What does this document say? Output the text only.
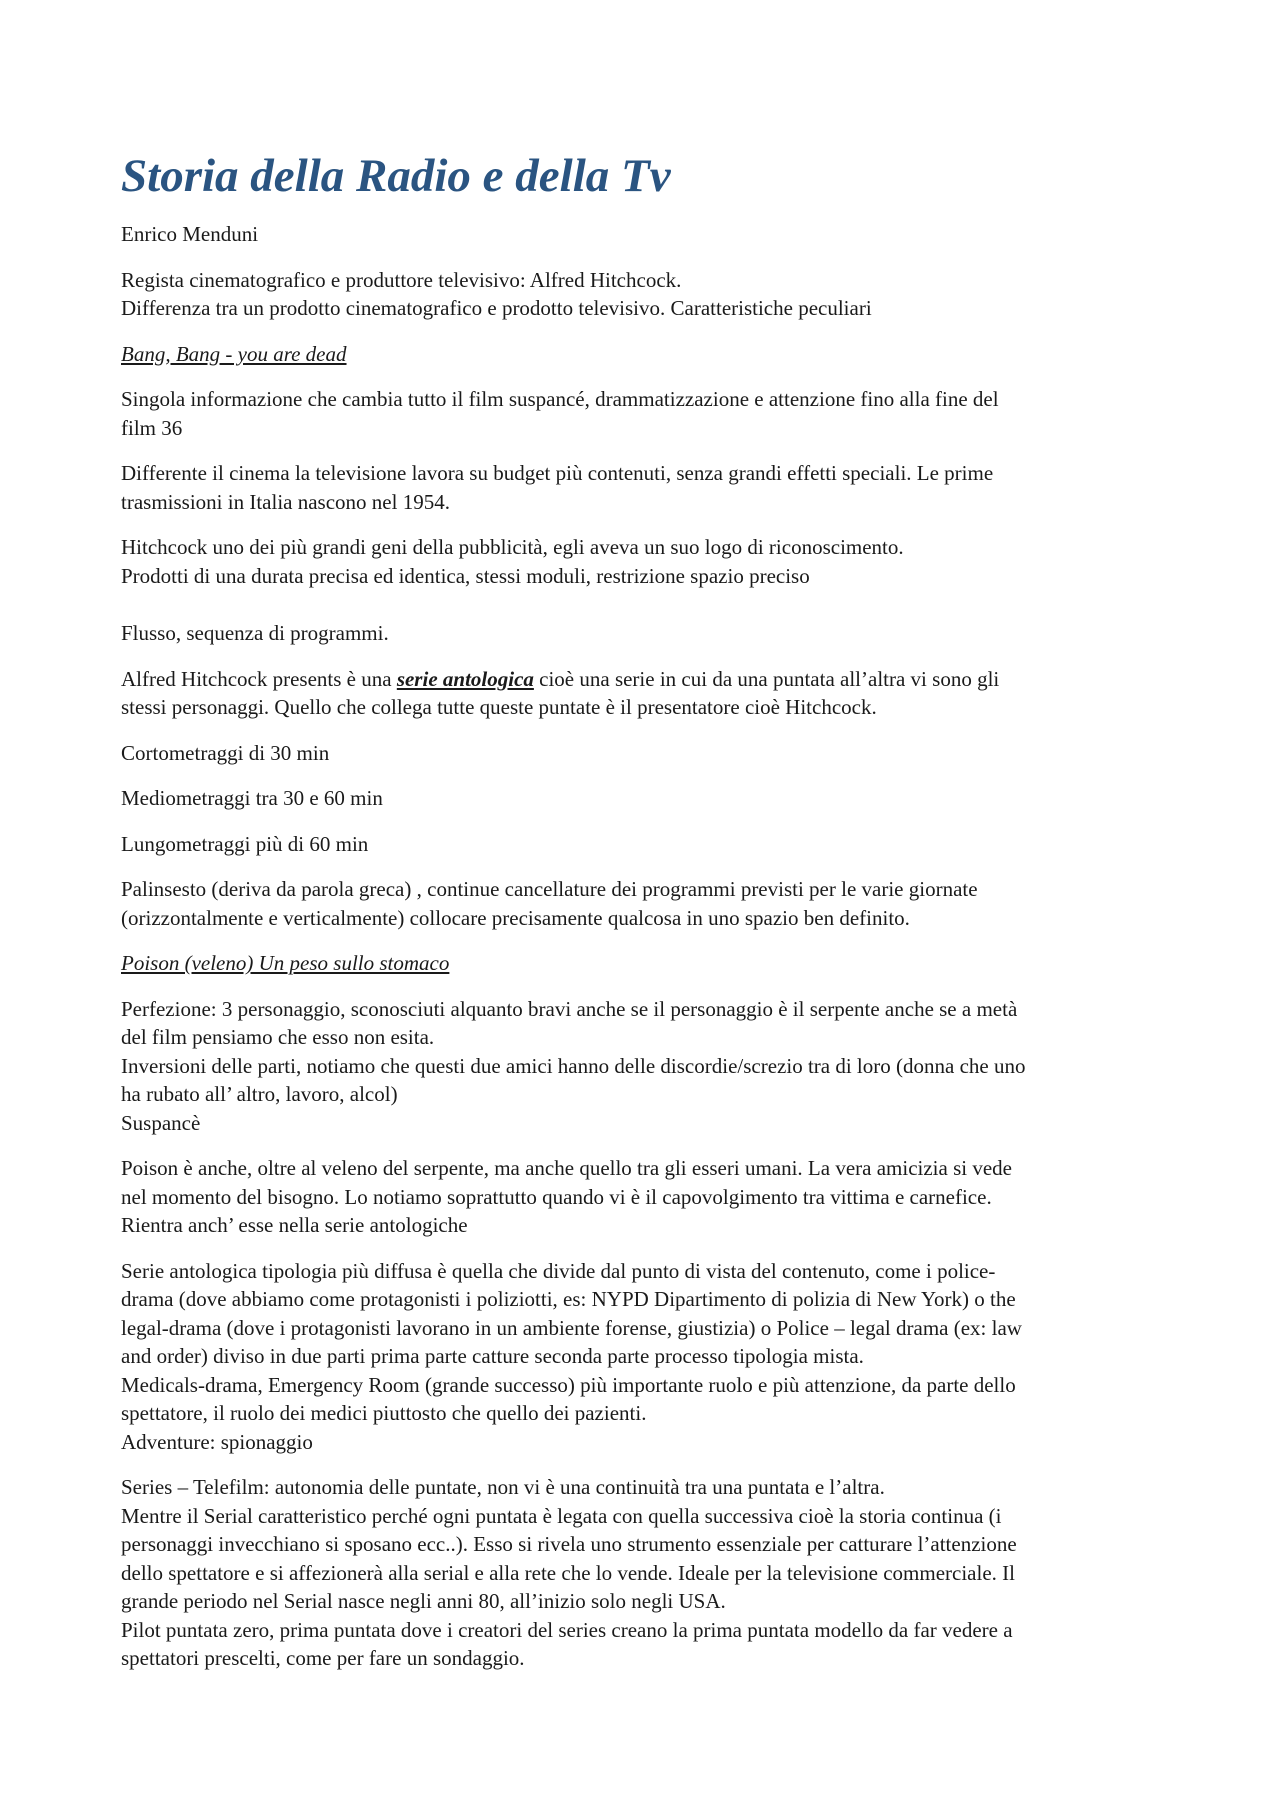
Storia della Radio e della Tv

Enrico Menduni

Regista cinematografico e produttore televisivo: Alfred Hitchcock.
Differenza tra un prodotto cinematografico e prodotto televisivo. Caratteristiche peculiari

Bang, Bang - you are dead

Singola informazione che cambia tutto il film suspancé, drammatizzazione e attenzione fino alla fine del
film 36

Differente il cinema la televisione lavora su budget più contenuti, senza grandi effetti speciali. Le prime
trasmissioni in Italia nascono nel 1954.

Hitchcock uno dei più grandi geni della pubblicità, egli aveva un suo logo di riconoscimento.
Prodotti di una durata precisa ed identica, stessi moduli, restrizione spazio preciso

Flusso, sequenza di programmi.

Alfred Hitchcock presents è una serie antologica cioè una serie in cui da una puntata all’altra vi sono gli
stessi personaggi. Quello che collega tutte queste puntate è il presentatore cioè Hitchcock.

Cortometraggi di 30 min

Mediometraggi tra 30 e 60 min

Lungometraggi più di 60 min

Palinsesto (deriva da parola greca) , continue cancellature dei programmi previsti per le varie giornate
(orizzontalmente e verticalmente) collocare precisamente qualcosa in uno spazio ben definito.

Poison (veleno) Un peso sullo stomaco

Perfezione: 3 personaggio, sconosciuti alquanto bravi anche se il personaggio è il serpente anche se a metà
del film pensiamo che esso non esita.
Inversioni delle parti, notiamo che questi due amici hanno delle discordie/screzio tra di loro (donna che uno
ha rubato all’ altro, lavoro, alcol)
Suspancè

Poison è anche, oltre al veleno del serpente, ma anche quello tra gli esseri umani. La vera amicizia si vede
nel momento del bisogno. Lo notiamo soprattutto quando vi è il capovolgimento tra vittima e carnefice.
Rientra anch’ esse nella serie antologiche

Serie antologica tipologia più diffusa è quella che divide dal punto di vista del contenuto, come i police-
drama (dove abbiamo come protagonisti i poliziotti, es: NYPD Dipartimento di polizia di New York) o the
legal-drama (dove i protagonisti lavorano in un ambiente forense, giustizia) o Police – legal drama (ex: law
and order) diviso in due parti prima parte catture seconda parte processo tipologia mista.
Medicals-drama, Emergency Room (grande successo) più importante ruolo e più attenzione, da parte dello
spettatore, il ruolo dei medici piuttosto che quello dei pazienti.
Adventure: spionaggio

Series – Telefilm: autonomia delle puntate, non vi è una continuità tra una puntata e l’altra.
Mentre il Serial caratteristico perché ogni puntata è legata con quella successiva cioè la storia continua (i
personaggi invecchiano si sposano ecc..). Esso si rivela uno strumento essenziale per catturare l’attenzione
dello spettatore e si affezionerà alla serial e alla rete che lo vende. Ideale per la televisione commerciale. Il
grande periodo nel Serial nasce negli anni 80, all’inizio solo negli USA.
Pilot puntata zero, prima puntata dove i creatori del series creano la prima puntata modello da far vedere a
spettatori prescelti, come per fare un sondaggio.
